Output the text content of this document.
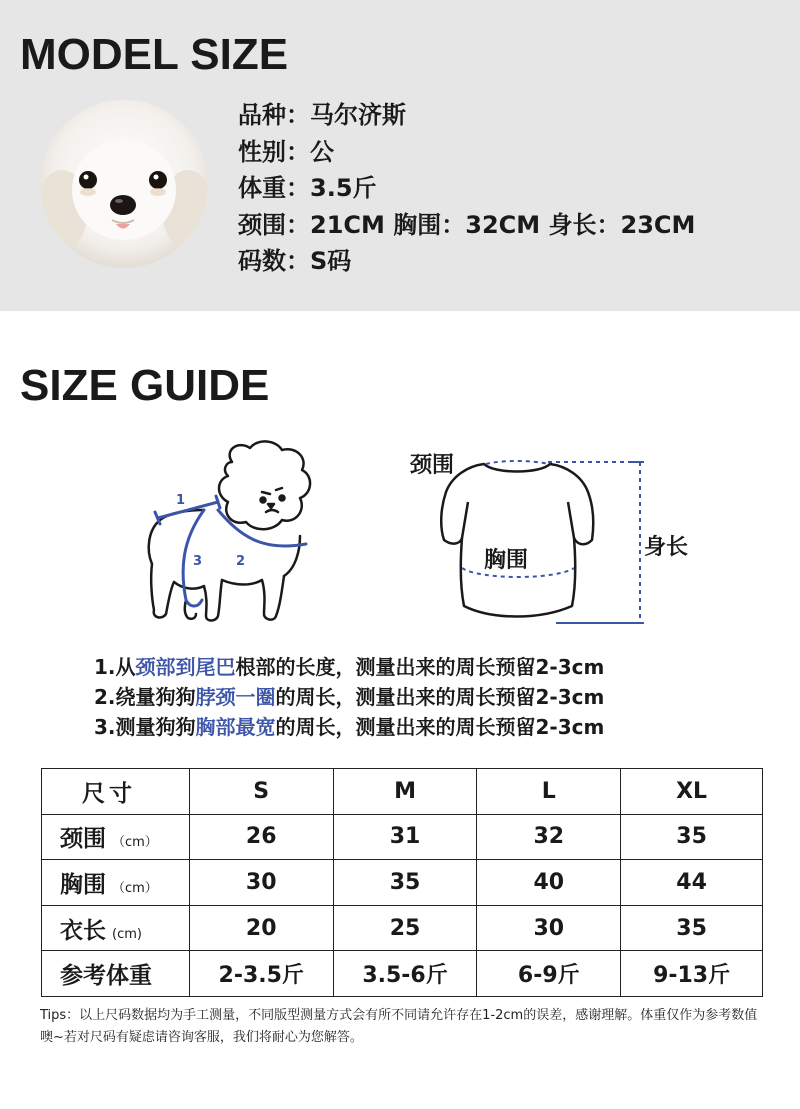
MODEL SIZE
品种：马尔济斯
性别：公
体重：3.5斤
颈围：21CM 胸围：32CM 身长：23CM
码数：S码
SIZE GUIDE
1
2
3
颈围
胸围
身长
1.从颈部到尾巴根部的长度，测量出来的周长预留2-3cm
2.绕量狗狗脖颈一圈的周长，测量出来的周长预留2-3cm
3.测量狗狗胸部最宽的周长，测量出来的周长预留2-3cm
尺寸	S	M	L	XL
颈围 （cm）	26	31	32	35
胸围 （cm）	30	35	40	44
衣长 (cm)	20	25	30	35
参考体重	2-3.5斤	3.5-6斤	6-9斤	9-13斤
Tips：以上尺码数据均为手工测量，不同版型测量方式会有所不同请允许存在1-2cm的误差，感谢理解。体重仅作为参考数值噢~若对尺码有疑虑请咨询客服，我们将耐心为您解答。
